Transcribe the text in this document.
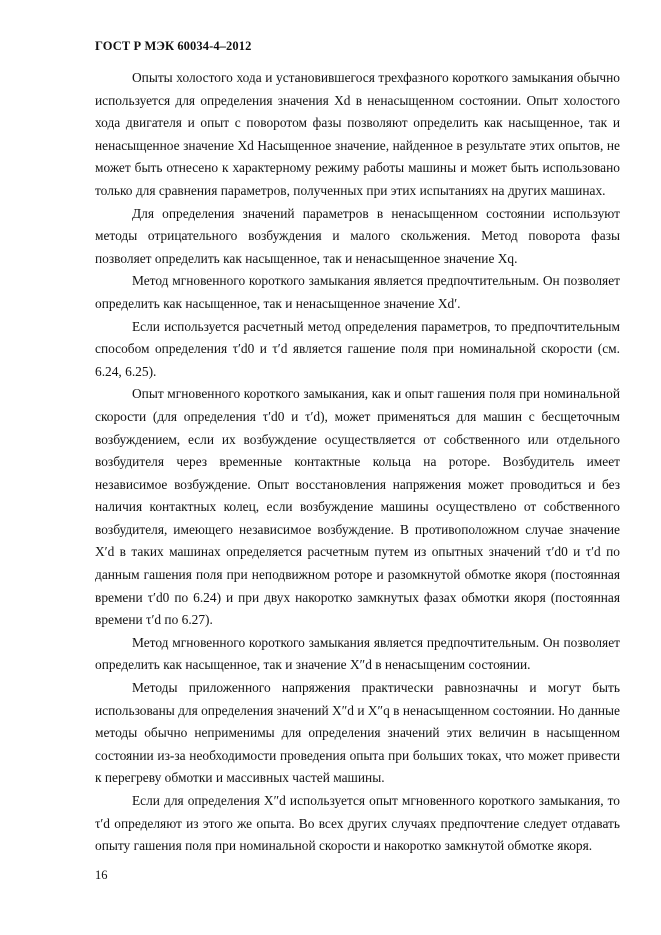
ГОСТ Р МЭК 60034-4–2012

Опыты холостого хода и установившегося трехфазного короткого замыкания обычно используется для определения значения Xd в ненасыщенном состоянии. Опыт холостого хода двигателя и опыт с поворотом фазы позволяют определить как насыщенное, так и ненасыщенное значение Xd Насыщенное значение, найденное в результате этих опытов, не может быть отнесено к характерному режиму работы машины и может быть использовано только для сравнения параметров, полученных при этих испытаниях на других машинах.

Для определения значений параметров в ненасыщенном состоянии используют методы отрицательного возбуждения и малого скольжения. Метод поворота фазы позволяет определить как насыщенное, так и ненасыщенное значение Xq.

Метод мгновенного короткого замыкания является предпочтительным. Он позволяет определить как насыщенное, так и ненасыщенное значение Xd′.

Если используется расчетный метод определения параметров, то предпочтительным способом определения τ′d0 и τ′d является гашение поля при номинальной скорости (см. 6.24, 6.25).

Опыт мгновенного короткого замыкания, как и опыт гашения поля при номинальной скорости (для определения τ′d0 и τ′d), может применяться для машин с бесщеточным возбуждением, если их возбуждение осуществляется от собственного или отдельного возбудителя через временные контактные кольца на роторе. Возбудитель имеет независимое возбуждение. Опыт восстановления напряжения может проводиться и без наличия контактных колец, если возбуждение машины осуществлено от собственного возбудителя, имеющего независимое возбуждение. В противоположном случае значение X′d в таких машинах определяется расчетным путем из опытных значений τ′d0 и τ′d по данным гашения поля при неподвижном роторе и разомкнутой обмотке якоря (постоянная времени τ′d0 по 6.24) и при двух накоротко замкнутых фазах обмотки якоря (постоянная времени τ′d по 6.27).

Метод мгновенного короткого замыкания является предпочтительным. Он позволяет определить как насыщенное, так и значение X″d в ненасыщеним состоянии.

Методы приложенного напряжения практически равнозначны и могут быть использованы для определения значений X″d и X″q в ненасыщенном состоянии. Но данные методы обычно неприменимы для определения значений этих величин в насыщенном состоянии из-за необходимости проведения опыта при больших токах, что может привести к перегреву обмотки и массивных частей машины.

Если для определения X″d используется опыт мгновенного короткого замыкания, то τ′d определяют из этого же опыта. Во всех других случаях предпочтение следует отдавать опыту гашения поля при номинальной скорости и накоротко замкнутой обмотке якоря.

16
